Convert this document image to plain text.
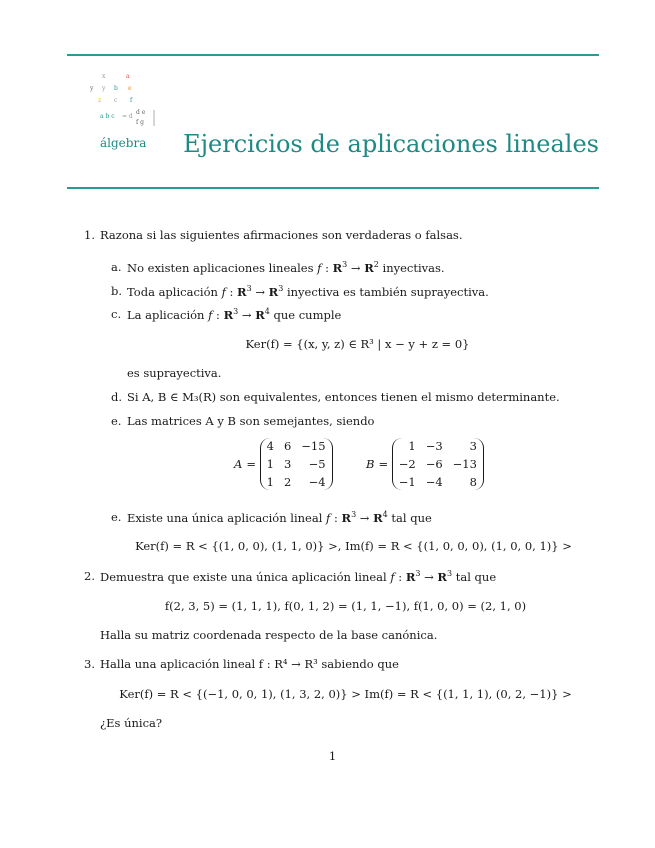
x	a
y y b e
z c f
a b c = d
d e
f g
álgebra Ejercicios de aplicaciones lineales
1. Razona si las siguientes afirmaciones son verdaderas o falsas.
a. No existen aplicaciones lineales f : $R^3 \to R^2$ inyectivas.
b. Toda aplicación f : $R^3 \to R^3$ inyectiva es también suprayectiva.
c. La aplicación f : $R^3 \to R^4$ que cumple
Ker(f) = {(x, y, z) ∈ R³ | x − y + z = 0}
es suprayectiva.
d. Si A, B ∈ M₃(R) son equivalentes, entonces tienen el mismo determinante.
e. Las matrices A y B son semejantes, siendo
A =
4 6 −15
1 3	−5
1 2	−4
B =
1 −3	3
−2 −6 −13
−1 −4	8
e. Existe una única aplicación lineal f : $R^3 \to R^4$ tal que
Ker(f) = R < {(1, 0, 0), (1, 1, 0)} >, Im(f) = R < {(1, 0, 0, 0), (1, 0, 0, 1)} >
2. Demuestra que existe una única aplicación lineal f : $R^3 \to R^3$ tal que
f(2, 3, 5) = (1, 1, 1), f(0, 1, 2) = (1, 1, −1), f(1, 0, 0) = (2, 1, 0)
Halla su matriz coordenada respecto de la base canónica.
3. Halla una aplicación lineal f : R⁴ → R³ sabiendo que
Ker(f) = R < {(−1, 0, 0, 1), (1, 3, 2, 0)} > Im(f) = R < {(1, 1, 1), (0, 2, −1)} >
¿Es única?
1
